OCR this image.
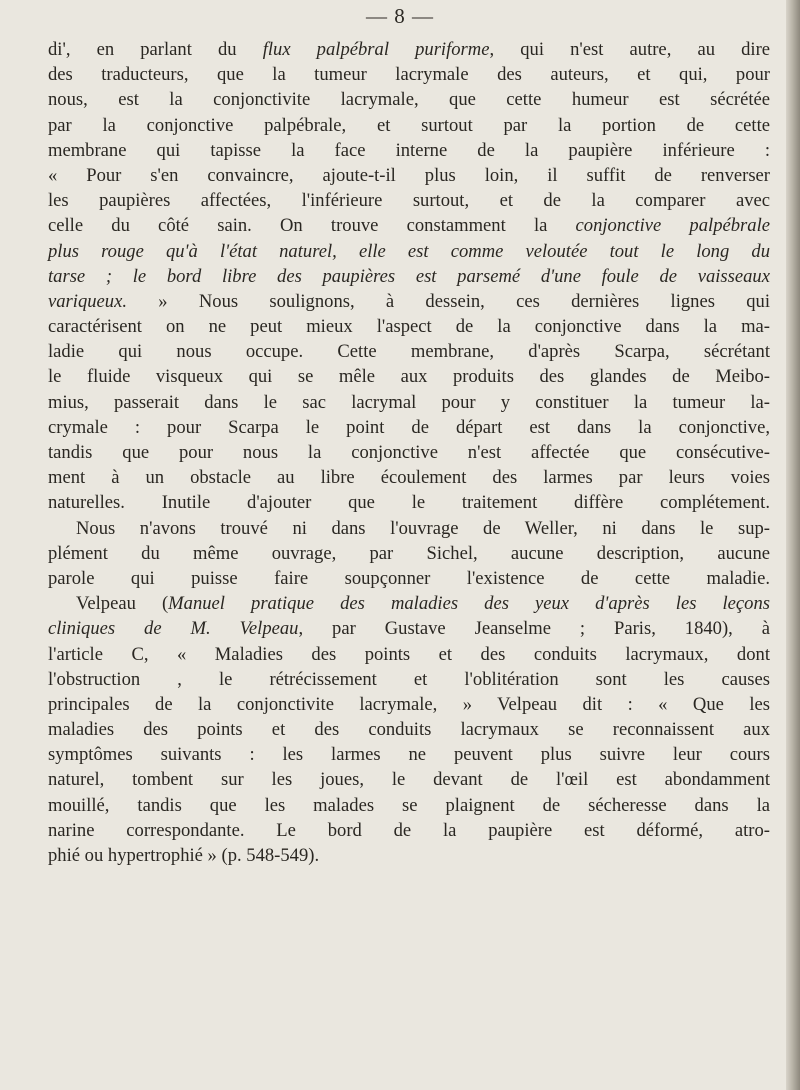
— 8 —
di', en parlant du flux palpébral puriforme, qui n'est autre, au dire
des traducteurs, que la tumeur lacrymale des auteurs, et qui, pour
nous, est la conjonctivite lacrymale, que cette humeur est sécrétée
par la conjonctive palpébrale, et surtout par la portion de cette
membrane qui tapisse la face interne de la paupière inférieure :
« Pour s'en convaincre, ajoute-t-il plus loin, il suffit de renverser
les paupières affectées, l'inférieure surtout, et de la comparer avec
celle du côté sain. On trouve constamment la conjonctive palpébrale
plus rouge qu'à l'état naturel, elle est comme veloutée tout le long du
tarse ; le bord libre des paupières est parsemé d'une foule de vaisseaux
variqueux. » Nous soulignons, à dessein, ces dernières lignes qui
caractérisent on ne peut mieux l'aspect de la conjonctive dans la ma-
ladie qui nous occupe. Cette membrane, d'après Scarpa, sécrétant
le fluide visqueux qui se mêle aux produits des glandes de Meibo-
mius, passerait dans le sac lacrymal pour y constituer la tumeur la-
crymale : pour Scarpa le point de départ est dans la conjonctive,
tandis que pour nous la conjonctive n'est affectée que consécutive-
ment à un obstacle au libre écoulement des larmes par leurs voies
naturelles. Inutile d'ajouter que le traitement diffère complétement.
Nous n'avons trouvé ni dans l'ouvrage de Weller, ni dans le sup-
plément du même ouvrage, par Sichel, aucune description, aucune
parole qui puisse faire soupçonner l'existence de cette maladie.
Velpeau (Manuel pratique des maladies des yeux d'après les leçons
cliniques de M. Velpeau, par Gustave Jeanselme ; Paris, 1840), à
l'article C, « Maladies des points et des conduits lacrymaux, dont
l'obstruction , le rétrécissement et l'oblitération sont les causes
principales de la conjonctivite lacrymale, » Velpeau dit : « Que les
maladies des points et des conduits lacrymaux se reconnaissent aux
symptômes suivants : les larmes ne peuvent plus suivre leur cours
naturel, tombent sur les joues, le devant de l'œil est abondamment
mouillé, tandis que les malades se plaignent de sécheresse dans la
narine correspondante. Le bord de la paupière est déformé, atro-
phié ou hypertrophié » (p. 548-549).
